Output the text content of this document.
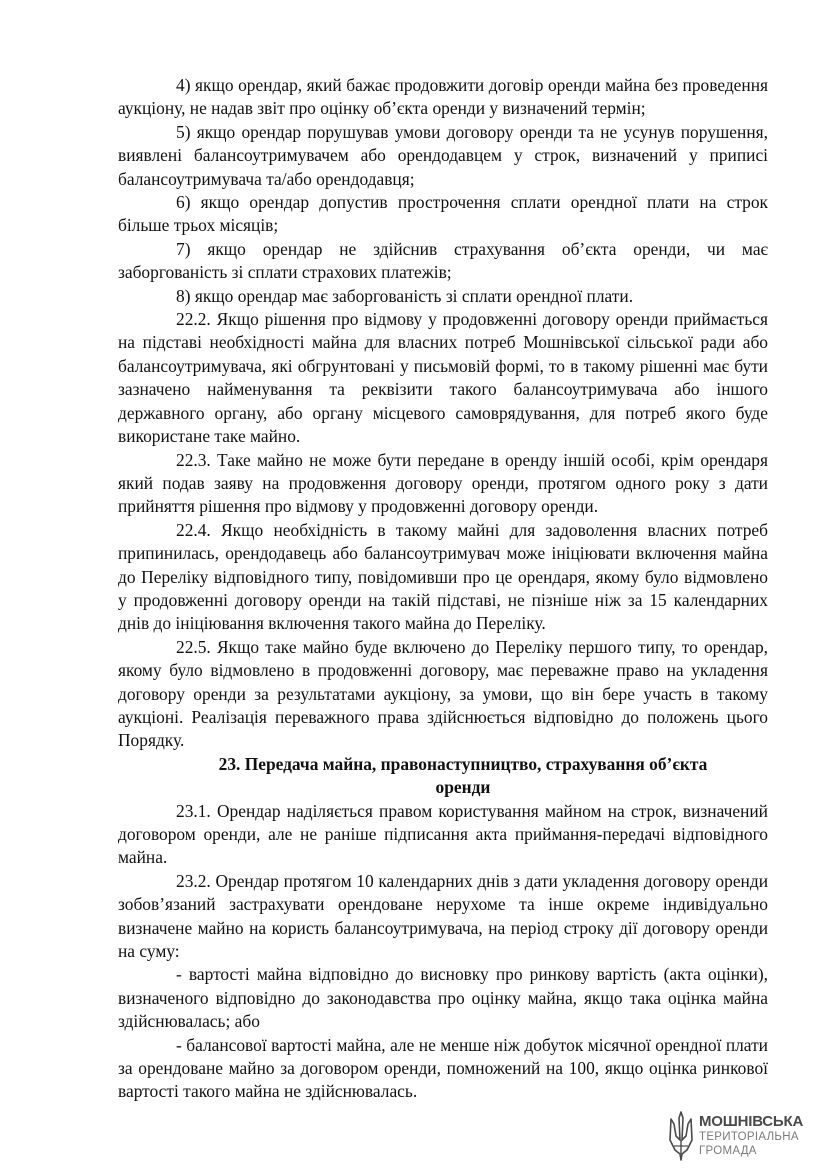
4) якщо орендар, який бажає продовжити договір оренди майна без проведення аукціону, не надав звіт про оцінку об’єкта оренди у визначений термін;

5) якщо орендар порушував умови договору оренди та не усунув порушення, виявлені балансоутримувачем або орендодавцем у строк, визначений у приписі балансоутримувача та/або орендодавця;

6) якщо орендар допустив прострочення сплати орендної плати на строк більше трьох місяців;

7) якщо орендар не здійснив страхування об’єкта оренди, чи має заборгованість зі сплати страхових платежів;

8) якщо орендар має заборгованість зі сплати орендної плати.

22.2. Якщо рішення про відмову у продовженні договору оренди приймається на підставі необхідності майна для власних потреб Мошнівської сільської ради або балансоутримувача, які обгрунтовані у письмовій формі, то в такому рішенні має бути зазначено найменування та реквізити такого балансоутримувача або іншого державного органу, або органу місцевого самоврядування, для потреб якого буде використане таке майно.

22.3. Таке майно не може бути передане в оренду іншій особі, крім орендаря який подав заяву на продовження договору оренди, протягом одного року з дати прийняття рішення про відмову у продовженні договору оренди.

22.4. Якщо необхідність в такому майні для задоволення власних потреб припинилась, орендодавець або балансоутримувач може ініціювати включення майна до Переліку відповідного типу, повідомивши про це орендаря, якому було відмовлено у продовженні договору оренди на такій підставі, не пізніше ніж за 15 календарних днів до ініціювання включення такого майна до Переліку.

22.5. Якщо таке майно буде включено до Переліку першого типу, то орендар, якому було відмовлено в продовженні договору, має переважне право на укладення договору оренди за результатами аукціону, за умови, що він бере участь в такому аукціоні. Реалізація переважного права здійснюється відповідно до положень цього Порядку.

23. Передача майна, правонаступництво, страхування об’єкта
оренди

23.1. Орендар наділяється правом користування майном на строк, визначений договором оренди, але не раніше підписання акта приймання-передачі відповідного майна.

23.2. Орендар протягом 10 календарних днів з дати укладення договору оренди зобов’язаний застрахувати орендоване нерухоме та інше окреме індивідуально визначене майно на користь балансоутримувача, на період строку дії договору оренди на суму:

- вартості майна відповідно до висновку про ринкову вартість (акта оцінки), визначеного відповідно до законодавства про оцінку майна, якщо така оцінка майна здійснювалась; або

- балансової вартості майна, але не менше ніж добуток місячної орендної плати за орендоване майно за договором оренди, помножений на 100, якщо оцінка ринкової вартості такого майна не здійснювалась.

МОШНІВСЬКА
ТЕРИТОРІАЛЬНА
ГРОМАДА
